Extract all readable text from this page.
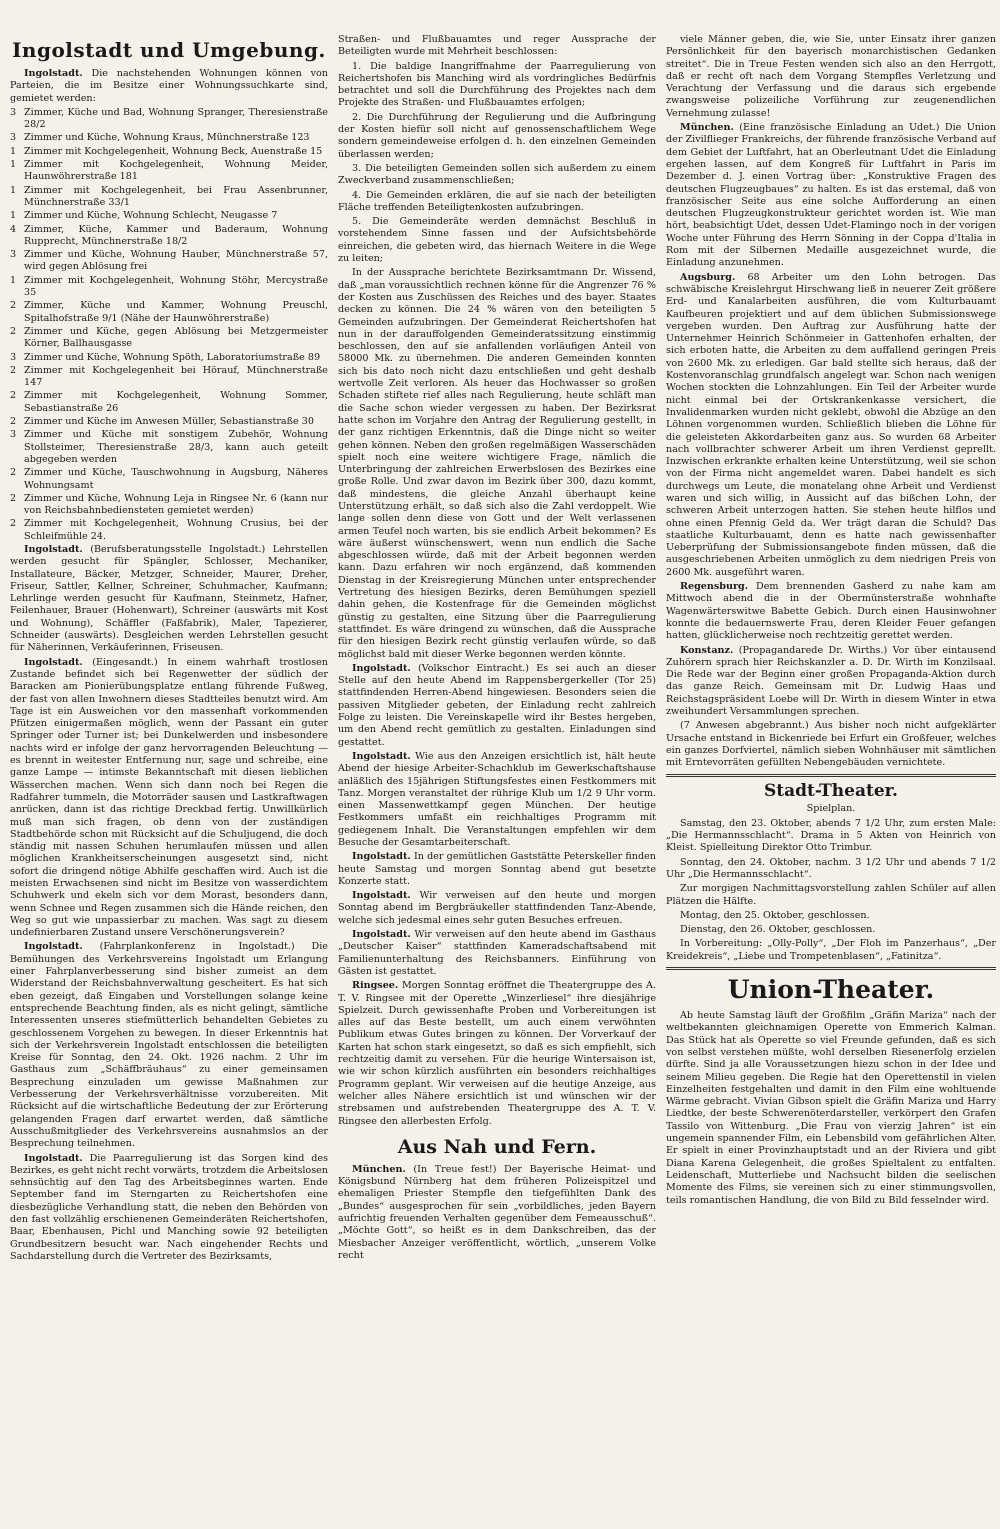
Ingolstadt und Umgebung.

Ingolstadt. Die nachstehenden Wohnungen können von Parteien, die im Besitze einer Wohnungssuchkarte sind, gemietet werden:

3 Zimmer, Küche und Bad, Wohnung Spranger, Theresienstraße 28/2
3 Zimmer und Küche, Wohnung Kraus, Münchnerstraße 123
1 Zimmer mit Kochgelegenheit, Wohnung Beck, Auenstraße 15
1 Zimmer mit Kochgelegenheit, Wohnung Meider, Haunwöhrerstraße 181
1 Zimmer mit Kochgelegenheit, bei Frau Assenbrunner, Münchnerstraße 33/1
1 Zimmer und Küche, Wohnung Schlecht, Neugasse 7
4 Zimmer, Küche, Kammer und Baderaum, Wohnung Rupprecht, Münchnerstraße 18/2
3 Zimmer und Küche, Wohnung Hauber, Münchnerstraße 57, wird gegen Ablösung frei
1 Zimmer mit Kochgelegenheit, Wohnung Stöhr, Mercystraße 35
2 Zimmer, Küche und Kammer, Wohnung Preuschl, Spitalhofstraße 9/1 (Nähe der Haunwöhrerstraße)
2 Zimmer und Küche, gegen Ablösung bei Metzgermeister Körner, Ballhausgasse
3 Zimmer und Küche, Wohnung Spöth, Laboratoriumstraße 89
2 Zimmer mit Kochgelegenheit bei Hörauf, Münchnerstraße 147
2 Zimmer mit Kochgelegenheit, Wohnung Sommer, Sebastianstraße 26
2 Zimmer und Küche im Anwesen Müller, Sebastianstraße 30
3 Zimmer und Küche mit sonstigem Zubehör, Wohnung Stollsteimer, Theresienstraße 28/3, kann auch geteilt abgegeben werden
2 Zimmer und Küche, Tauschwohnung in Augsburg, Näheres Wohnungsamt
2 Zimmer und Küche, Wohnung Leja in Ringsee Nr. 6 (kann nur von Reichsbahnbediensteten gemietet werden)
2 Zimmer mit Kochgelegenheit, Wohnung Crusius, bei der Schleifmühle 24.

Ingolstadt. (Berufsberatungsstelle Ingolstadt.) Lehrstellen werden gesucht für Spängler, Schlosser, Mechaniker, Installateure, Bäcker, Metzger, Schneider, Maurer, Dreher, Friseur, Sattler, Kellner, Schreiner, Schuhmacher, Kaufmann; Lehrlinge werden gesucht für Kaufmann, Steinmetz, Hafner, Feilenhauer, Brauer (Hohenwart), Schreiner (auswärts mit Kost und Wohnung), Schäffler (Faßfabrik), Maler, Tapezierer, Schneider (auswärts). Desgleichen werden Lehrstellen gesucht für Näherinnen, Verkäuferinnen, Friseusen.

Ingolstadt. (Eingesandt.) In einem wahrhaft trostlosen Zustande befindet sich bei Regenwetter der südlich der Baracken am Pionierübungsplatze entlang führende Fußweg, der fast von allen Inwohnern dieses Stadtteiles benutzt wird. Am Tage ist ein Ausweichen vor den massenhaft vorkommenden Pfützen einigermaßen möglich, wenn der Passant ein guter Springer oder Turner ist; bei Dunkelwerden und insbesondere nachts wird er infolge der ganz hervorragenden Beleuchtung — es brennt in weitester Entfernung nur, sage und schreibe, eine ganze Lampe — intimste Bekanntschaft mit diesen lieblichen Wässerchen machen. Wenn sich dann noch bei Regen die Radfahrer tummeln, die Motorräder sausen und Lastkraftwagen anrücken, dann ist das richtige Dreckbad fertig. Unwillkürlich muß man sich fragen, ob denn von der zuständigen Stadtbehörde schon mit Rücksicht auf die Schuljugend, die doch ständig mit nassen Schuhen herumlaufen müssen und allen möglichen Krankheitserscheinungen ausgesetzt sind, nicht sofort die dringend nötige Abhilfe geschaffen wird. Auch ist die meisten Erwachsenen sind nicht im Besitze von wasserdichtem Schuhwerk und ekeln sich vor dem Morast, besonders dann, wenn Schnee und Regen zusammen sich die Hände reichen, den Weg so gut wie unpassierbar zu machen. Was sagt zu diesem undefinierbaren Zustand unsere Verschönerungsverein?

Ingolstadt. (Fahrplankonferenz in Ingolstadt.) Die Bemühungen des Verkehrsvereins Ingolstadt um Erlangung einer Fahrplanverbesserung sind bisher zumeist an dem Widerstand der Reichsbahnverwaltung gescheitert. Es hat sich eben gezeigt, daß Eingaben und Vorstellungen solange keine entsprechende Beachtung finden, als es nicht gelingt, sämtliche Interessenten unseres stiefmütterlich behandelten Gebietes zu geschlossenem Vorgehen zu bewegen. In dieser Erkenntnis hat sich der Verkehrsverein Ingolstadt entschlossen die beteiligten Kreise für Sonntag, den 24. Okt. 1926 nachm. 2 Uhr im Gasthaus zum „Schäffbräuhaus“ zu einer gemeinsamen Besprechung einzuladen um gewisse Maßnahmen zur Verbesserung der Verkehrsverhältnisse vorzubereiten. Mit Rücksicht auf die wirtschaftliche Bedeutung der zur Erörterung gelangenden Fragen darf erwartet werden, daß sämtliche Ausschußmitglieder des Verkehrsvereins ausnahmslos an der Besprechung teilnehmen.

Ingolstadt. Die Paarregulierung ist das Sorgen kind des Bezirkes, es geht nicht recht vorwärts, trotzdem die Arbeitslosen sehnsüchtig auf den Tag des Arbeitsbeginnes warten. Ende September fand im Sterngarten zu Reichertshofen eine diesbezügliche Verhandlung statt, die neben den Behörden von den fast vollzählig erschienenen Gemeinderäten Reichertshofen, Baar, Ebenhausen, Pichl und Manching sowie 92 beteiligten Grundbesitzern besucht war. Nach eingehender Rechts und Sachdarstellung durch die Vertreter des Bezirksamts,

Straßen- und Flußbauamtes und reger Aussprache der Beteiligten wurde mit Mehrheit beschlossen:

1. Die baldige Inangriffnahme der Paarregulierung von Reichertshofen bis Manching wird als vordringliches Bedürfnis betrachtet und soll die Durchführung des Projektes nach dem Projekte des Straßen- und Flußbauamtes erfolgen;

2. Die Durchführung der Regulierung und die Aufbringung der Kosten hiefür soll nicht auf genossenschaftlichem Wege sondern gemeindeweise erfolgen d. h. den einzelnen Gemeinden überlassen werden;

3. Die beteiligten Gemeinden sollen sich außerdem zu einem Zweckverband zusammenschließen;

4. Die Gemeinden erklären, die auf sie nach der beteiligten Fläche treffenden Beteiligtenkosten aufzubringen.

5. Die Gemeinderäte werden demnächst Beschluß in vorstehendem Sinne fassen und der Aufsichtsbehörde einreichen, die gebeten wird, das hiernach Weitere in die Wege zu leiten;

In der Aussprache berichtete Bezirksamtmann Dr. Wissend, daß „man voraussichtlich rechnen könne für die Angrenzer 76 % der Kosten aus Zuschüssen des Reiches und des bayer. Staates decken zu können. Die 24 % wären von den beteiligten 5 Gemeinden aufzubringen. Der Gemeinderat Reichertshofen hat nun in der darauffolgenden Gemeinderatssitzung einstimmig beschlossen, den auf sie anfallenden vorläufigen Anteil von 58000 Mk. zu übernehmen. Die anderen Gemeinden konnten sich bis dato noch nicht dazu entschließen und geht deshalb wertvolle Zeit verloren. Als heuer das Hochwasser so großen Schaden stiftete rief alles nach Regulierung, heute schläft man die Sache schon wieder vergessen zu haben. Der Bezirksrat hatte schon im Vorjahre den Antrag der Regulierung gestellt, in der ganz richtigen Erkenntnis, daß die Dinge nicht so weiter gehen können. Neben den großen regelmäßigen Wasserschäden spielt noch eine weitere wichtigere Frage, nämlich die Unterbringung der zahlreichen Erwerbslosen des Bezirkes eine große Rolle. Und zwar davon im Bezirk über 300, dazu kommt, daß mindestens, die gleiche Anzahl überhaupt keine Unterstützung erhält, so daß sich also die Zahl verdoppelt. Wie lange sollen denn diese von Gott und der Welt verlassenen armen Teufel noch warten, bis sie endlich Arbeit bekommen? Es wäre äußerst wünschenswert, wenn nun endlich die Sache abgeschlossen würde, daß mit der Arbeit begonnen werden kann. Dazu erfahren wir noch ergänzend, daß kommenden Dienstag in der Kreisregierung München unter entsprechender Vertretung des hiesigen Bezirks, deren Bemühungen speziell dahin gehen, die Kostenfrage für die Gemeinden möglichst günstig zu gestalten, eine Sitzung über die Paarregulierung stattfindet. Es wäre dringend zu wünschen, daß die Aussprache für den hiesigen Bezirk recht günstig verlaufen würde, so daß möglichst bald mit dieser Werke begonnen werden könnte.

Ingolstadt. (Volkschor Eintracht.) Es sei auch an dieser Stelle auf den heute Abend im Rappensbergerkeller (Tor 25) stattfindenden Herren-Abend hingewiesen. Besonders seien die passiven Mitglieder gebeten, der Einladung recht zahlreich Folge zu leisten. Die Vereinskapelle wird ihr Bestes hergeben, um den Abend recht gemütlich zu gestalten. Einladungen sind gestattet.

Ingolstadt. Wie aus den Anzeigen ersichtlich ist, hält heute Abend der hiesige Arbeiter-Schachklub im Gewerkschaftshause anläßlich des 15jährigen Stiftungsfestes einen Festkommers mit Tanz. Morgen veranstaltet der rührige Klub um 1/2 9 Uhr vorm. einen Massenwettkampf gegen München. Der heutige Festkommers umfaßt ein reichhaltiges Programm mit gediegenem Inhalt. Die Veranstaltungen empfehlen wir dem Besuche der Gesamtarbeiterschaft.

Ingolstadt. In der gemütlichen Gaststätte Peterskeller finden heute Samstag und morgen Sonntag abend gut besetzte Konzerte statt.

Ingolstadt. Wir verweisen auf den heute und morgen Sonntag abend im Bergbräukeller stattfindenden Tanz-Abende, welche sich jedesmal eines sehr guten Besuches erfreuen.

Ingolstadt. Wir verweisen auf den heute abend im Gasthaus „Deutscher Kaiser“ stattfinden Kameradschaftsabend mit Familienunterhaltung des Reichsbanners. Einführung von Gästen ist gestattet.

Ringsee. Morgen Sonntag eröffnet die Theatergruppe des A. T. V. Ringsee mit der Operette „Winzerliesel“ ihre diesjährige Spielzeit. Durch gewissenhafte Proben und Vorbereitungen ist alles auf das Beste bestellt, um auch einem verwöhnten Publikum etwas Gutes bringen zu können. Der Vorverkauf der Karten hat schon stark eingesetzt, so daß es sich empfiehlt, sich rechtzeitig damit zu versehen. Für die heurige Wintersaison ist, wie wir schon kürzlich ausführten ein besonders reichhaltiges Programm geplant. Wir verweisen auf die heutige Anzeige, aus welcher alles Nähere ersichtlich ist und wünschen wir der strebsamen und aufstrebenden Theatergruppe des A. T. V. Ringsee den allerbesten Erfolg.

Aus Nah und Fern.

München. (In Treue fest!) Der Bayerische Heimat- und Königsbund Nürnberg hat dem früheren Polizeispitzel und ehemaligen Priester Stempfle den tiefgefühlten Dank des „Bundes“ ausgesprochen für sein „vorbildliches, jeden Bayern aufrichtig freuenden Verhalten gegenüber dem Femeausschuß“. „Möchte Gott“, so heißt es in dem Dankschreiben, das der Miesbacher Anzeiger veröffentlicht, wörtlich, „unserem Volke recht

viele Männer geben, die, wie Sie, unter Einsatz ihrer ganzen Persönlichkeit für den bayerisch monarchistischen Gedanken streitet“. Die in Treue Festen wenden sich also an den Herrgott, daß er recht oft nach dem Vorgang Stempfles Verletzung und Verachtung der Verfassung und die daraus sich ergebende zwangsweise polizeiliche Vorführung zur zeugenendlichen Vernehmung zulasse!

München. (Eine französische Einladung an Udet.) Die Union der Zivilflieger Frankreichs, der führende französische Verband auf dem Gebiet der Luftfahrt, hat an Oberleutnant Udet die Einladung ergehen lassen, auf dem Kongreß für Luftfahrt in Paris im Dezember d. J. einen Vortrag über: „Konstruktive Fragen des deutschen Flugzeugbaues“ zu halten. Es ist das erstemal, daß von französischer Seite aus eine solche Aufforderung an einen deutschen Flugzeugkonstrukteur gerichtet worden ist. Wie man hört, beabsichtigt Udet, dessen Udet-Flamingo noch in der vorigen Woche unter Führung des Herrn Sönning in der Coppa d'Italia in Rom mit der Silbernen Medaille ausgezeichnet wurde, die Einladung anzunehmen.

Augsburg. 68 Arbeiter um den Lohn betrogen. Das schwäbische Kreislehrgut Hirschwang ließ in neuerer Zeit größere Erd- und Kanalarbeiten ausführen, die vom Kulturbauamt Kaufbeuren projektiert und auf dem üblichen Submissionswege vergeben wurden. Den Auftrag zur Ausführung hatte der Unternehmer Heinrich Schönmeier in Gattenhofen erhalten, der sich erboten hatte, die Arbeiten zu dem auffallend geringen Preis von 2600 Mk. zu erledigen. Gar bald stellte sich heraus, daß der Kostenvoranschlag grundfalsch angelegt war. Schon nach wenigen Wochen stockten die Lohnzahlungen. Ein Teil der Arbeiter wurde nicht einmal bei der Ortskrankenkasse versichert, die Invalidenmarken wurden nicht geklebt, obwohl die Abzüge an den Löhnen vorgenommen wurden. Schließlich blieben die Löhne für die geleisteten Akkordarbeiten ganz aus. So wurden 68 Arbeiter nach vollbrachter schwerer Arbeit um ihren Verdienst geprellt. Inzwischen erkrankte erhalten keine Unterstützung, weil sie schon von der Firma nicht angemeldet waren. Dabei handelt es sich durchwegs um Leute, die monatelang ohne Arbeit und Verdienst waren und sich willig, in Aussicht auf das bißchen Lohn, der schweren Arbeit unterzogen hatten. Sie stehen heute hilflos und ohne einen Pfennig Geld da. Wer trägt daran die Schuld? Das staatliche Kulturbauamt, denn es hatte nach gewissenhafter Ueberprüfung der Submissionsangebote finden müssen, daß die ausgeschriebenen Arbeiten unmöglich zu dem niedrigen Preis von 2600 Mk. ausgeführt waren.

Regensburg. Dem brennenden Gasherd zu nahe kam am Mittwoch abend die in der Obermünsterstraße wohnhafte Wagenwärterswitwe Babette Gebich. Durch einen Hausinwohner konnte die bedauernswerte Frau, deren Kleider Feuer gefangen hatten, glücklicherweise noch rechtzeitig gerettet werden.

Konstanz. (Propagandarede Dr. Wirths.) Vor über eintausend Zuhörern sprach hier Reichskanzler a. D. Dr. Wirth im Konzilsaal. Die Rede war der Beginn einer großen Propaganda-Aktion durch das ganze Reich. Gemeinsam mit Dr. Ludwig Haas und Reichstagspräsident Loebe will Dr. Wirth in diesem Winter in etwa zweihundert Versammlungen sprechen.

(7 Anwesen abgebrannt.) Aus bisher noch nicht aufgeklärter Ursache entstand in Bickenriede bei Erfurt ein Großfeuer, welches ein ganzes Dorfviertel, nämlich sieben Wohnhäuser mit sämtlichen mit Erntevorräten gefüllten Nebengebäuden vernichtete.

Stadt-Theater.
Spielplan.

Samstag, den 23. Oktober, abends 7 1/2 Uhr, zum ersten Male: „Die Hermannsschlacht“. Drama in 5 Akten von Heinrich von Kleist. Spielleitung Direktor Otto Trimbur.

Sonntag, den 24. Oktober, nachm. 3 1/2 Uhr und abends 7 1/2 Uhr „Die Hermannsschlacht“.

Zur morgigen Nachmittagsvorstellung zahlen Schüler auf allen Plätzen die Hälfte.

Montag, den 25. Oktober, geschlossen.

Dienstag, den 26. Oktober, geschlossen.

In Vorbereitung: „Olly-Polly“, „Der Floh im Panzerhaus“, „Der Kreidekreis“, „Liebe und Trompetenblasen“, „Fatinitza“.

Union-Theater.

Ab heute Samstag läuft der Großfilm „Gräfin Mariza“ nach der weltbekannten gleichnamigen Operette von Emmerich Kalman. Das Stück hat als Operette so viel Freunde gefunden, daß es sich von selbst verstehen müßte, wohl derselben Riesenerfolg erzielen dürfte. Sind ja alle Voraussetzungen hiezu schon in der Idee und seinem Milieu gegeben. Die Regie hat den Operettenstil in vielen Einzelheiten festgehalten und damit in den Film eine wohltuende Wärme gebracht. Vivian Gibson spielt die Gräfin Mariza und Harry Liedtke, der beste Schwerenöterdarsteller, verkörpert den Grafen Tassilo von Wittenburg. „Die Frau von vierzig Jahren“ ist ein ungemein spannender Film, ein Lebensbild vom gefährlichen Alter. Er spielt in einer Provinzhauptstadt und an der Riviera und gibt Diana Karena Gelegenheit, die großes Spieltalent zu entfalten. Leidenschaft, Mutterliebe und Nachsucht bilden die seelischen Momente des Films, sie vereinen sich zu einer stimmungsvollen, teils romantischen Handlung, die von Bild zu Bild fesselnder wird.
